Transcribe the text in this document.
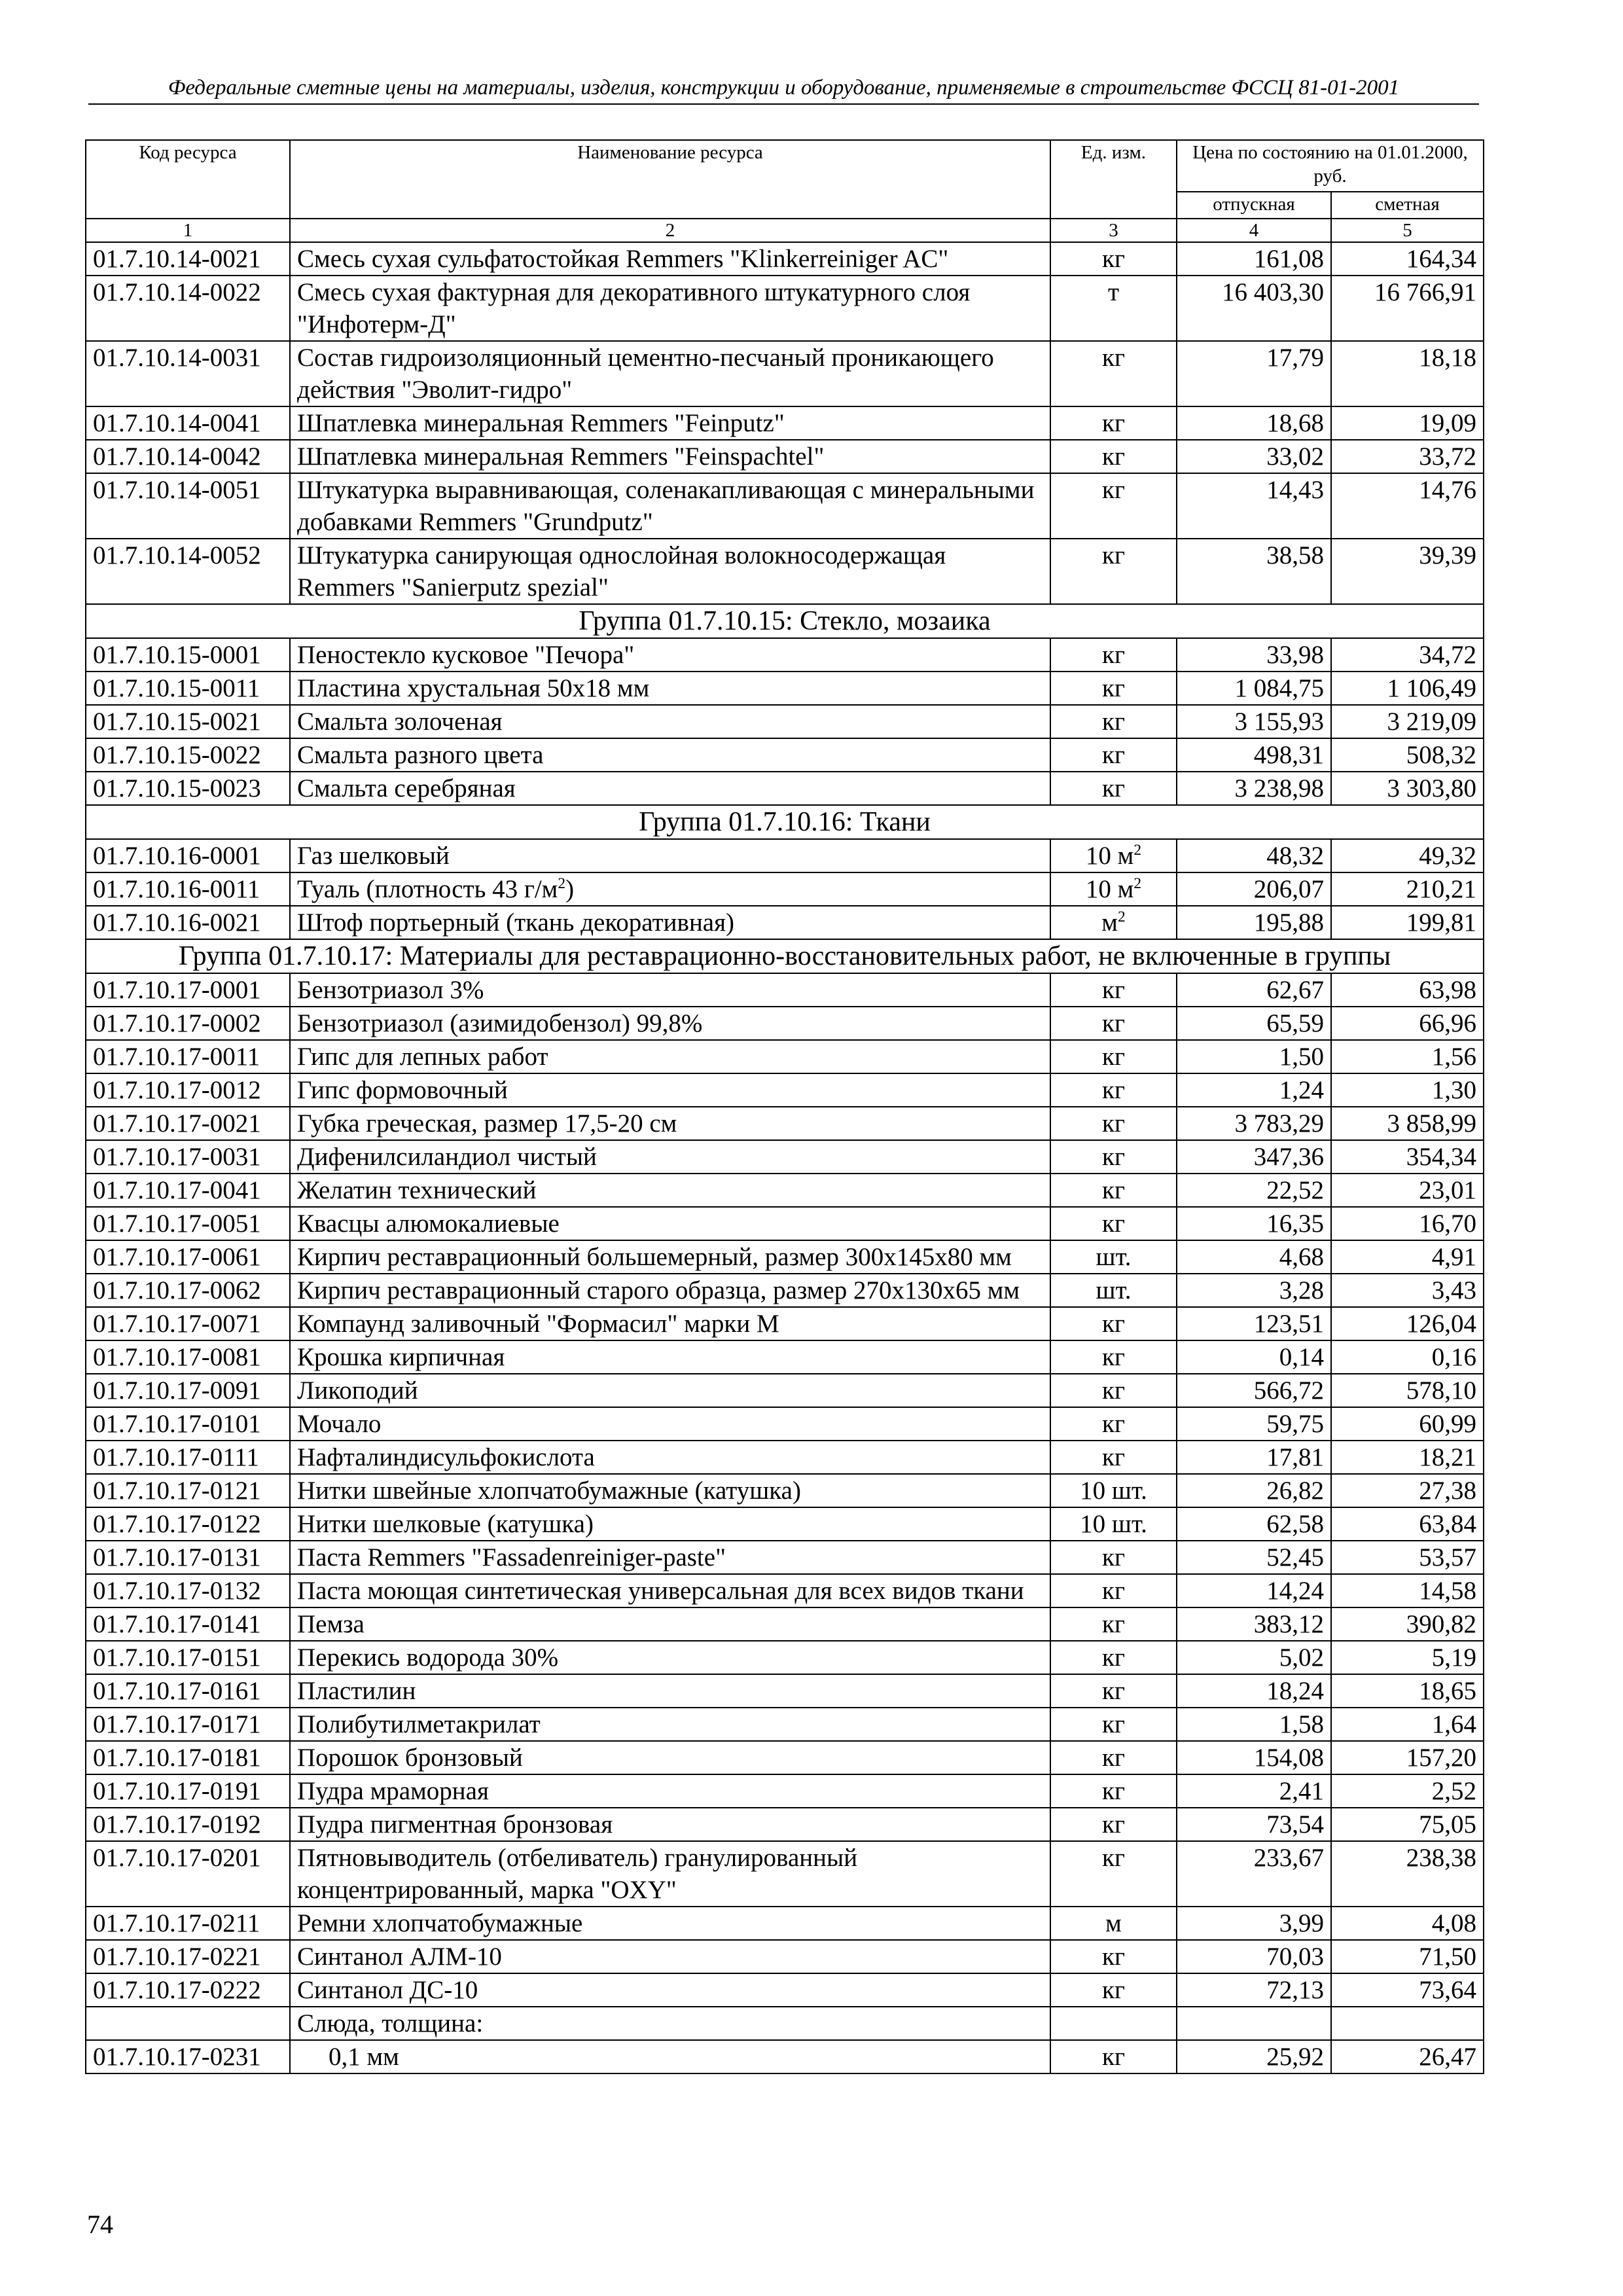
Федеральные сметные цены на материалы, изделия, конструкции и оборудование, применяемые в строительстве ФССЦ 81-01-2001
Код ресурса	Наименование ресурса	Ед. изм.	Цена по состоянию на 01.01.2000, руб.	
			отпускная	сметная
1	2	3	4	5
01.7.10.14-0021	Смесь сухая сульфатостойкая Remmers "Klinkerreiniger AC"	кг	161,08	164,34
01.7.10.14-0022	Смесь сухая фактурная для декоративного штукатурного слоя "Инфотерм-Д"	т	16 403,30	16 766,91
01.7.10.14-0031	Состав гидроизоляционный цементно-песчаный проникающего действия "Эволит-гидро"	кг	17,79	18,18
01.7.10.14-0041	Шпатлевка минеральная Remmers "Feinputz"	кг	18,68	19,09
01.7.10.14-0042	Шпатлевка минеральная Remmers "Feinspachtel"	кг	33,02	33,72
01.7.10.14-0051	Штукатурка выравнивающая, соленакапливающая с минеральными добавками Remmers "Grundputz"	кг	14,43	14,76
01.7.10.14-0052	Штукатурка санирующая однослойная волокносодержащая Remmers "Sanierputz spezial"	кг	38,58	39,39
Группа 01.7.10.15: Стекло, мозаика				
01.7.10.15-0001	Пеностекло кусковое "Печора"	кг	33,98	34,72
01.7.10.15-0011	Пластина хрустальная 50х18 мм	кг	1 084,75	1 106,49
01.7.10.15-0021	Смальта золоченая	кг	3 155,93	3 219,09
01.7.10.15-0022	Смальта разного цвета	кг	498,31	508,32
01.7.10.15-0023	Смальта серебряная	кг	3 238,98	3 303,80
Группа 01.7.10.16: Ткани				
01.7.10.16-0001	Газ шелковый	10 $м^2$	48,32	49,32
01.7.10.16-0011	Туаль (плотность 43 $г/м^2$)	10 $м^2$	206,07	210,21
01.7.10.16-0021	Штоф портьерный (ткань декоративная)	$м^2$	195,88	199,81
Группа 01.7.10.17: Материалы для реставрационно-восстановительных работ, не включенные в группы				
01.7.10.17-0001	Бензотриазол 3%	кг	62,67	63,98
01.7.10.17-0002	Бензотриазол (азимидобензол) 99,8%	кг	65,59	66,96
01.7.10.17-0011	Гипс для лепных работ	кг	1,50	1,56
01.7.10.17-0012	Гипс формовочный	кг	1,24	1,30
01.7.10.17-0021	Губка греческая, размер 17,5-20 см	кг	3 783,29	3 858,99
01.7.10.17-0031	Дифенилсиландиол чистый	кг	347,36	354,34
01.7.10.17-0041	Желатин технический	кг	22,52	23,01
01.7.10.17-0051	Квасцы алюмокалиевые	кг	16,35	16,70
01.7.10.17-0061	Кирпич реставрационный большемерный, размер 300х145х80 мм	шт.	4,68	4,91
01.7.10.17-0062	Кирпич реставрационный старого образца, размер 270х130х65 мм	шт.	3,28	3,43
01.7.10.17-0071	Компаунд заливочный "Формасил" марки М	кг	123,51	126,04
01.7.10.17-0081	Крошка кирпичная	кг	0,14	0,16
01.7.10.17-0091	Ликоподий	кг	566,72	578,10
01.7.10.17-0101	Мочало	кг	59,75	60,99
01.7.10.17-0111	Нафталиндисульфокислота	кг	17,81	18,21
01.7.10.17-0121	Нитки швейные хлопчатобумажные (катушка)	10 шт.	26,82	27,38
01.7.10.17-0122	Нитки шелковые (катушка)	10 шт.	62,58	63,84
01.7.10.17-0131	Паста Remmers "Fassadenreiniger-paste"	кг	52,45	53,57
01.7.10.17-0132	Паста моющая синтетическая универсальная для всех видов ткани	кг	14,24	14,58
01.7.10.17-0141	Пемза	кг	383,12	390,82
01.7.10.17-0151	Перекись водорода 30%	кг	5,02	5,19
01.7.10.17-0161	Пластилин	кг	18,24	18,65
01.7.10.17-0171	Полибутилметакрилат	кг	1,58	1,64
01.7.10.17-0181	Порошок бронзовый	кг	154,08	157,20
01.7.10.17-0191	Пудра мраморная	кг	2,41	2,52
01.7.10.17-0192	Пудра пигментная бронзовая	кг	73,54	75,05
01.7.10.17-0201	Пятновыводитель (отбеливатель) гранулированный концентрированный, марка "OXY"	кг	233,67	238,38
01.7.10.17-0211	Ремни хлопчатобумажные	м	3,99	4,08
01.7.10.17-0221	Синтанол АЛМ-10	кг	70,03	71,50
01.7.10.17-0222	Синтанол ДС-10	кг	72,13	73,64
	Слюда, толщина:			
01.7.10.17-0231	0,1 мм	кг	25,92	26,47
74
